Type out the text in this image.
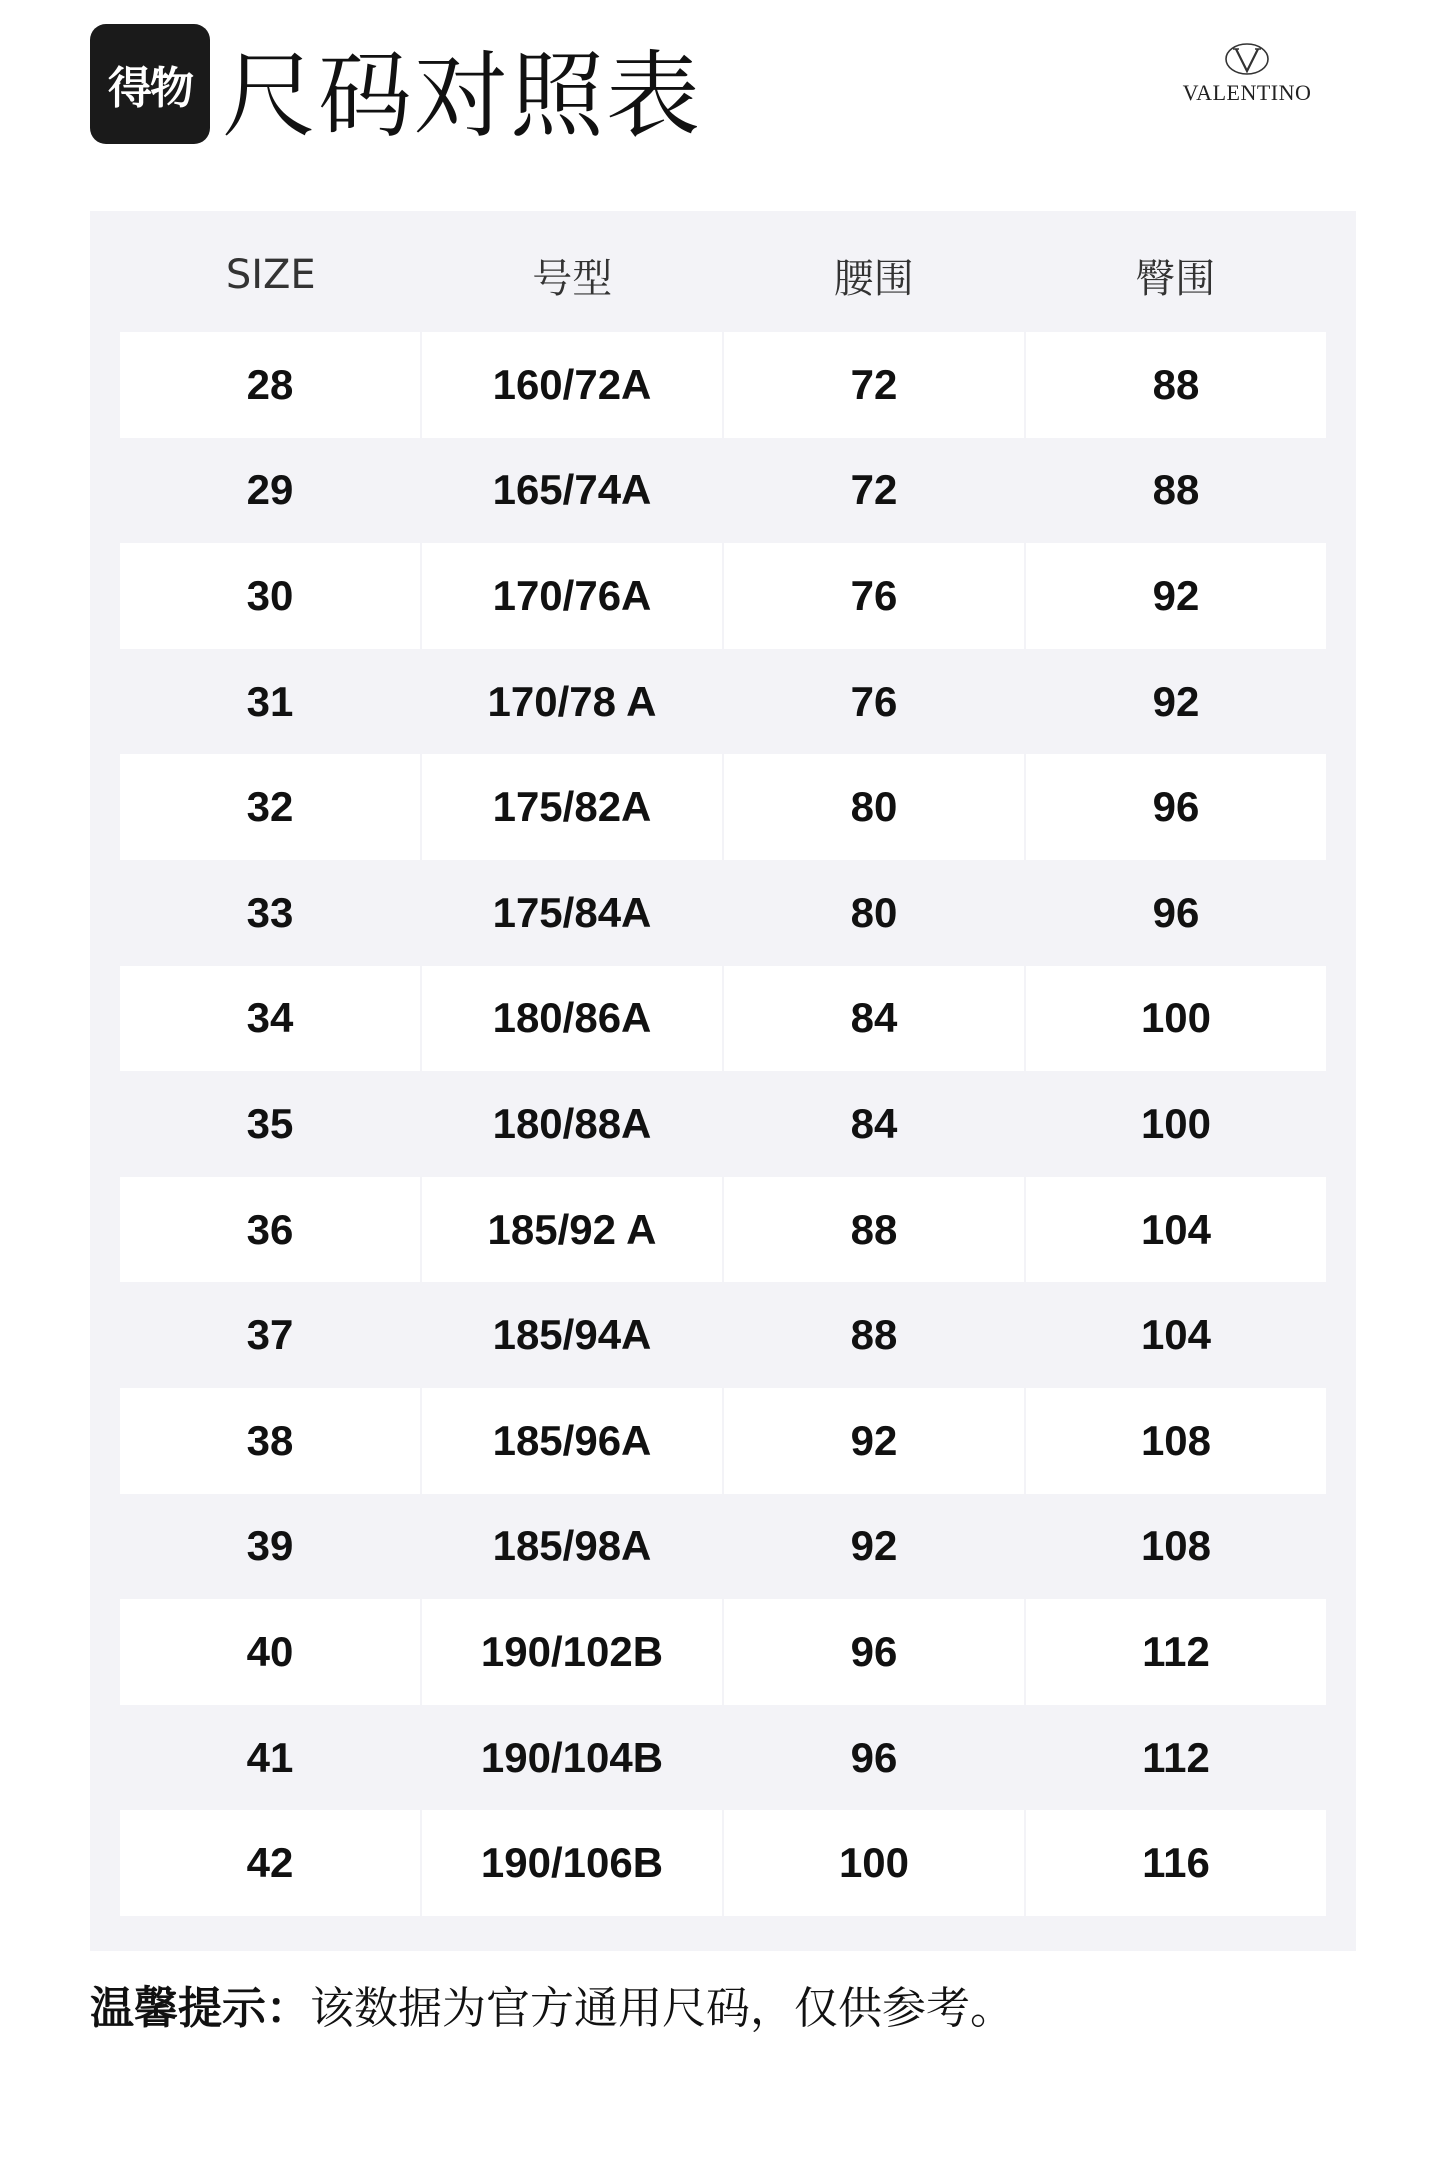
得物 尺码对照表	VALENTINO
SIZE	号型	腰围	臀围
28	160/72A	72	88
29	165/74A	72	88
30	170/76A	76	92
31	170/78 A	76	92
32	175/82A	80	96
33	175/84A	80	96
34	180/86A	84	100
35	180/88A	84	100
36	185/92 A	88	104
37	185/94A	88	104
38	185/96A	92	108
39	185/98A	92	108
40	190/102B	96	112
41	190/104B	96	112
42	190/106B	100	116
温馨提示：该数据为官方通用尺码，仅供参考。
